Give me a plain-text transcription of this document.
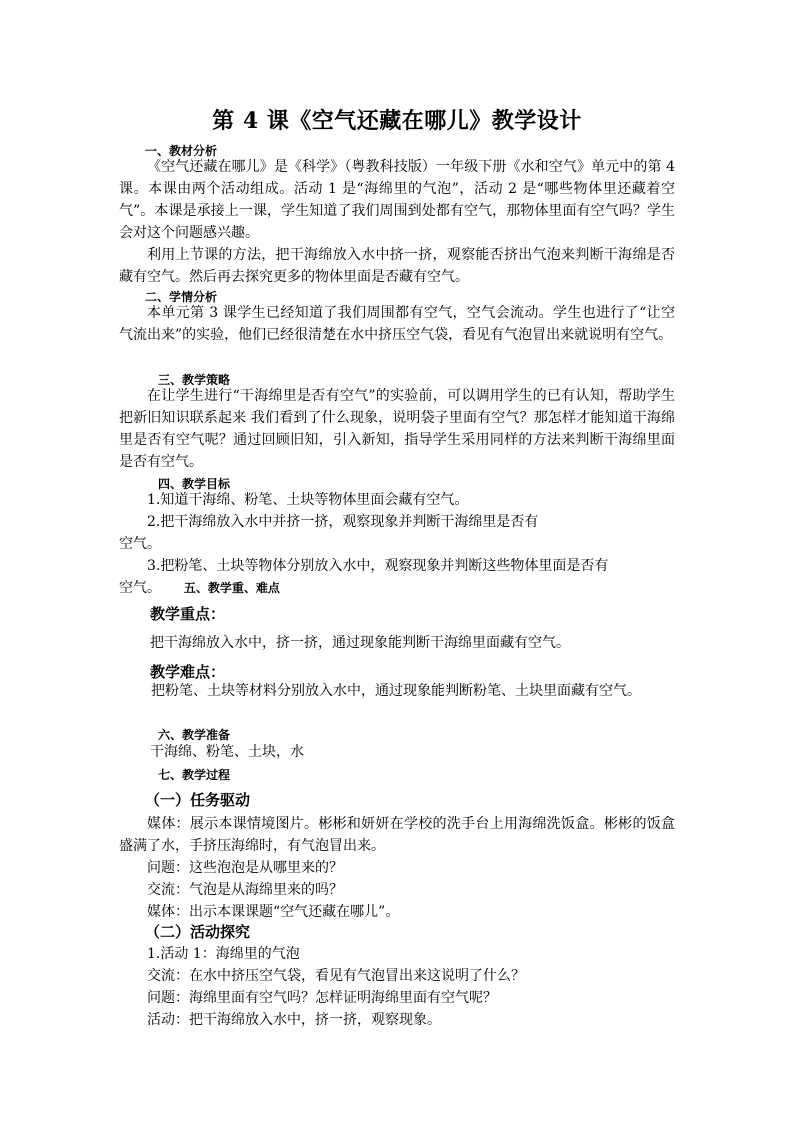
第 4 课《空气还藏在哪儿》教学设计
一、教材分析
《空气还藏在哪儿》是《科学》（粤教科技版）一年级下册《水和空气》单元中的第 4 课。本课由两个活动组成。活动 1 是“海绵里的气泡”，活动 2 是“哪些物体里还藏着空气”。本课是承接上一课，学生知道了我们周围到处都有空气，那物体里面有空气吗？学生会对这个问题感兴趣。
利用上节课的方法，把干海绵放入水中挤一挤，观察能否挤出气泡来判断干海绵是否藏有空气。然后再去探究更多的物体里面是否藏有空气。
二、学情分析
本单元第 3 课学生已经知道了我们周围都有空气，空气会流动。学生也进行了“让空气流出来”的实验，他们已经很清楚在水中挤压空气袋，看见有气泡冒出来就说明有空气。
三、教学策略
在让学生进行“干海绵里是否有空气”的实验前，可以调用学生的已有认知，帮助学生把新旧知识联系起来 我们看到了什么现象，说明袋子里面有空气？那怎样才能知道干海绵里是否有空气呢？通过回顾旧知，引入新知，指导学生采用同样的方法来判断干海绵里面是否有空气。
四、教学目标
1.知道干海绵、粉笔、土块等物体里面会藏有空气。
2.把干海绵放入水中并挤一挤，观察现象并判断干海绵里是否有
空气。
3.把粉笔、土块等物体分别放入水中，观察现象并判断这些物体里面是否有
空气。 五、教学重、难点
教学重点：
把干海绵放入水中，挤一挤，通过现象能判断干海绵里面藏有空气。
教学难点：
把粉笔、土块等材料分别放入水中，通过现象能判断粉笔、土块里面藏有空气。
六、教学准备
干海绵、粉笔、土块，水
七、教学过程
（一）任务驱动
媒体：展示本课情境图片。彬彬和妍妍在学校的洗手台上用海绵洗饭盒。彬彬的饭盒盛满了水，手挤压海绵时，有气泡冒出来。
问题：这些泡泡是从哪里来的？
交流：气泡是从海绵里来的吗？
媒体：出示本课课题“空气还藏在哪儿”。
（二）活动探究
1.活动 1：海绵里的气泡
交流：在水中挤压空气袋，看见有气泡冒出来这说明了什么？
问题：海绵里面有空气吗？怎样证明海绵里面有空气呢？
活动：把干海绵放入水中，挤一挤，观察现象。
